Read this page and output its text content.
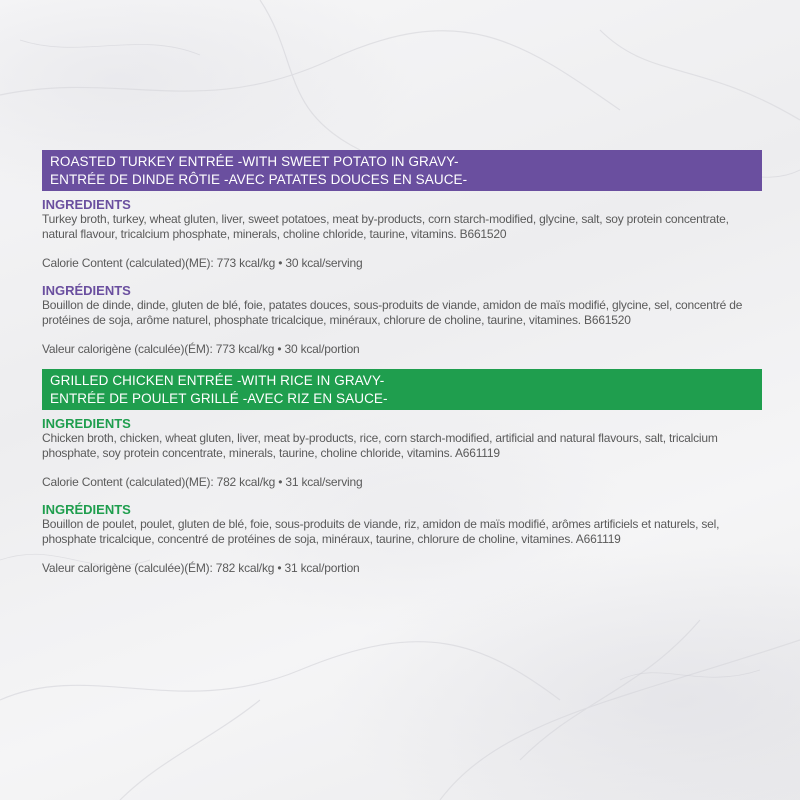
ROASTED TURKEY ENTRÉE -WITH SWEET POTATO IN GRAVY-
ENTRÉE DE DINDE RÔTIE -AVEC PATATES DOUCES EN SAUCE-
INGREDIENTS
Turkey broth, turkey, wheat gluten, liver, sweet potatoes, meat by-products, corn starch-modified, glycine, salt, soy protein concentrate, natural flavour, tricalcium phosphate, minerals, choline chloride, taurine, vitamins. B661520
Calorie Content (calculated)(ME): 773 kcal/kg • 30 kcal/serving
INGRÉDIENTS
Bouillon de dinde, dinde, gluten de blé, foie, patates douces, sous-produits de viande, amidon de maïs modifié, glycine, sel, concentré de protéines de soja, arôme naturel, phosphate tricalcique, minéraux, chlorure de choline, taurine, vitamines. B661520
Valeur calorigène (calculée)(ÉM): 773 kcal/kg • 30 kcal/portion
GRILLED CHICKEN ENTRÉE -WITH RICE IN GRAVY-
ENTRÉE DE POULET GRILLÉ -AVEC RIZ EN SAUCE-
INGREDIENTS
Chicken broth, chicken, wheat gluten, liver, meat by-products, rice, corn starch-modified, artificial and natural flavours, salt, tricalcium phosphate, soy protein concentrate, minerals, taurine, choline chloride, vitamins. A661119
Calorie Content (calculated)(ME): 782 kcal/kg • 31 kcal/serving
INGRÉDIENTS
Bouillon de poulet, poulet, gluten de blé, foie, sous-produits de viande, riz, amidon de maïs modifié, arômes artificiels et naturels, sel, phosphate tricalcique, concentré de protéines de soja, minéraux, taurine, chlorure de choline, vitamines. A661119
Valeur calorigène (calculée)(ÉM): 782 kcal/kg • 31 kcal/portion
